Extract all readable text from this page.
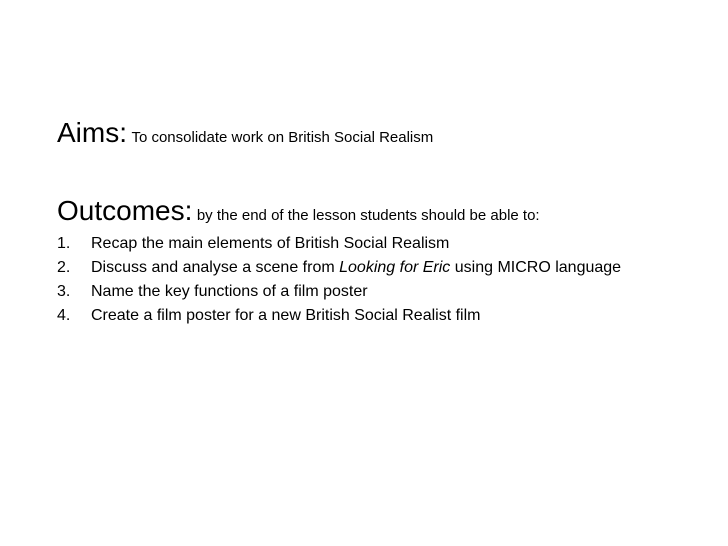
Aims: To consolidate work on British Social Realism
Outcomes: by the end of the lesson students should be able to:
1.	Recap the main elements of British Social Realism
2.	Discuss and analyse a scene from Looking for Eric using MICRO language
3.	Name the key functions of a film poster
4.	Create a film poster for a new British Social Realist film
